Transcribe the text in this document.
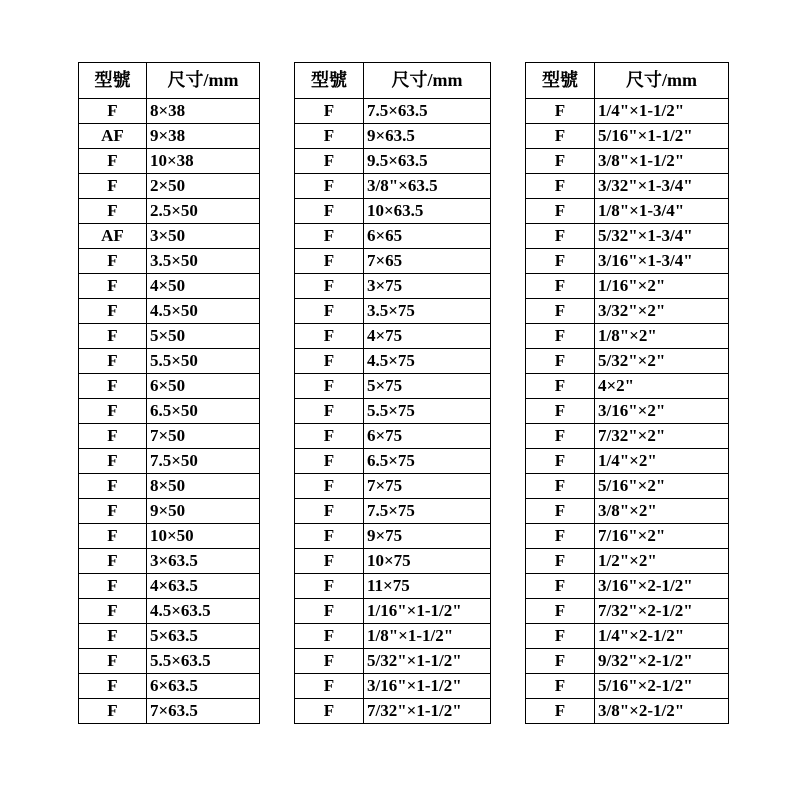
型號	尺寸/mm
F	8×38
AF	9×38
F	10×38
F	2×50
F	2.5×50
AF	3×50
F	3.5×50
F	4×50
F	4.5×50
F	5×50
F	5.5×50
F	6×50
F	6.5×50
F	7×50
F	7.5×50
F	8×50
F	9×50
F	10×50
F	3×63.5
F	4×63.5
F	4.5×63.5
F	5×63.5
F	5.5×63.5
F	6×63.5
F	7×63.5
型號	尺寸/mm
F	7.5×63.5
F	9×63.5
F	9.5×63.5
F	3/8"×63.5
F	10×63.5
F	6×65
F	7×65
F	3×75
F	3.5×75
F	4×75
F	4.5×75
F	5×75
F	5.5×75
F	6×75
F	6.5×75
F	7×75
F	7.5×75
F	9×75
F	10×75
F	11×75
F	1/16"×1-1/2"
F	1/8"×1-1/2"
F	5/32"×1-1/2"
F	3/16"×1-1/2"
F	7/32"×1-1/2"
型號	尺寸/mm
F	1/4"×1-1/2"
F	5/16"×1-1/2"
F	3/8"×1-1/2"
F	3/32"×1-3/4"
F	1/8"×1-3/4"
F	5/32"×1-3/4"
F	3/16"×1-3/4"
F	1/16"×2"
F	3/32"×2"
F	1/8"×2"
F	5/32"×2"
F	4×2"
F	3/16"×2"
F	7/32"×2"
F	1/4"×2"
F	5/16"×2"
F	3/8"×2"
F	7/16"×2"
F	1/2"×2"
F	3/16"×2-1/2"
F	7/32"×2-1/2"
F	1/4"×2-1/2"
F	9/32"×2-1/2"
F	5/16"×2-1/2"
F	3/8"×2-1/2"
